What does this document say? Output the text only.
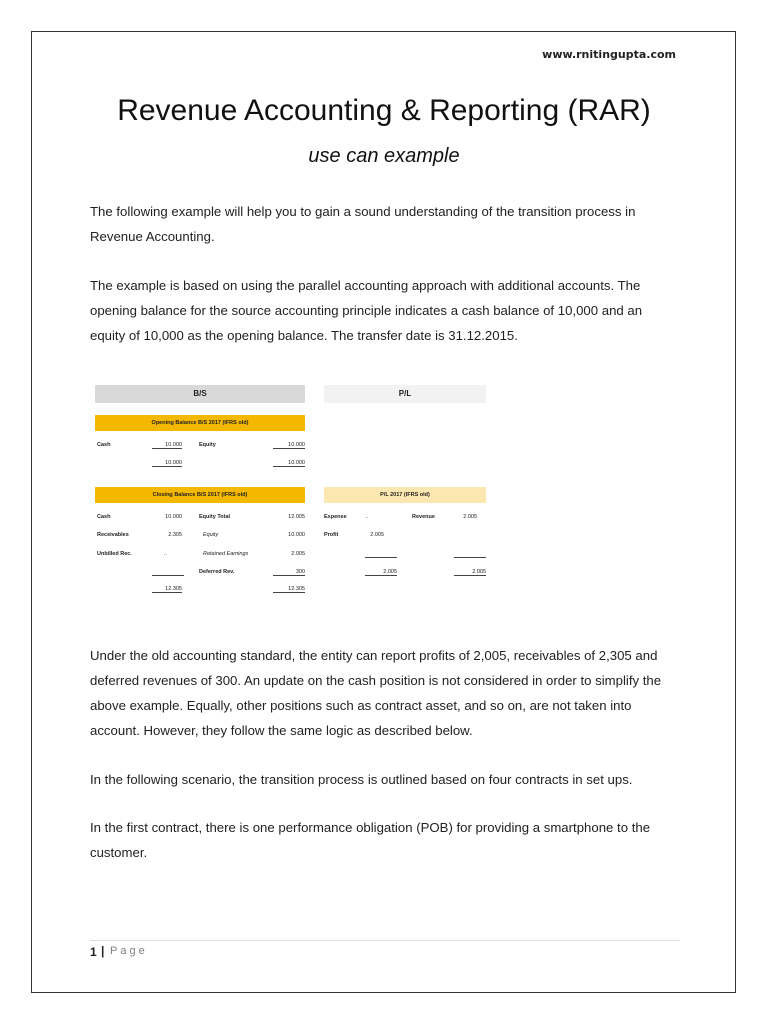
www.rnitingupta.com
Revenue Accounting & Reporting (RAR)
use can example

The following example will help you to gain a sound understanding of the transition process in Revenue Accounting.

The example is based on using the parallel accounting approach with additional accounts. The opening balance for the source accounting principle indicates a cash balance of 10,000 and an equity of 10,000 as the opening balance. The transfer date is 31.12.2015.

B/S	P/L
Opening Balance B/S 2017 (IFRS old)
Cash	10.000	Equity	10.000
10.000	10.000
Closing Balance B/S 2017 (IFRS old)
Cash	10.000	Equity Total	12.005
Receivables	2.305	Equity	10.000
Unbilled Rec.	..	Retained Earnings	2.005
Deferred Rev.	300
12.305	12.305
P/L 2017 (IFRS old)
Expense	..	Revenue	2.005
Profit	2.005
2.005	2.005

Under the old accounting standard, the entity can report profits of 2,005, receivables of 2,305 and deferred revenues of 300. An update on the cash position is not considered in order to simplify the above example. Equally, other positions such as contract asset, and so on, are not taken into account. However, they follow the same logic as described below.

In the following scenario, the transition process is outlined based on four contracts in set ups.

In the first contract, there is one performance obligation (POB) for providing a smartphone to the customer.

1 | Page
